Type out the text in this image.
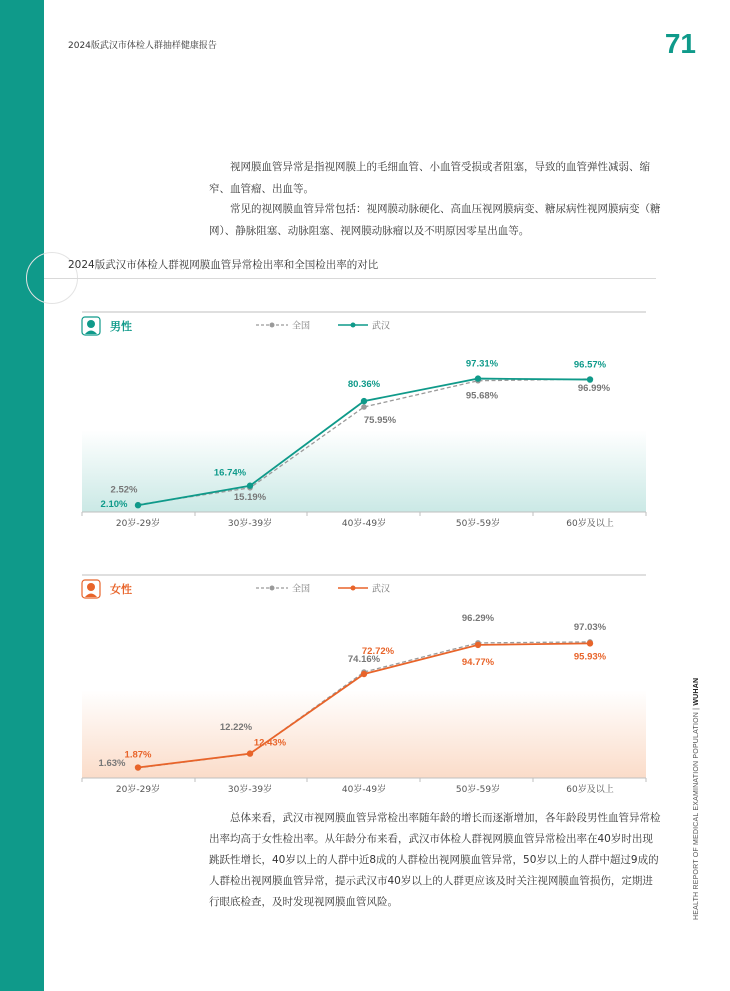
2024版武汉市体检人群抽样健康报告	71

视网膜血管异常是指视网膜上的毛细血管、小血管受损或者阻塞，导致的血管弹性减弱、缩窄、血管瘤、出血等。

常见的视网膜血管异常包括：视网膜动脉硬化、高血压视网膜病变、糖尿病性视网膜病变（糖网）、静脉阻塞、动脉阻塞、视网膜动脉瘤以及不明原因零星出血等。

2024版武汉市体检人群视网膜血管异常检出率和全国检出率的对比
20岁-29岁	30岁-39岁	40岁-49岁	50岁-59岁	60岁及以上
男性	全国	武汉
2.52%
15.19%
75.95%
95.68%
96.99%
2.10%
16.74%
80.36%
97.31%	96.57%
20岁-29岁	30岁-39岁	40岁-49岁	50岁-59岁	60岁及以上
女性	全国	武汉
1.63%
12.22%
74.16%
96.29%
97.03%
1.87%
12.43%
72.72%
94.77%
95.93%

总体来看，武汉市视网膜血管异常检出率随年龄的增长而逐渐增加，各年龄段男性血管异常检出率均高于女性检出率。从年龄分布来看，武汉市体检人群视网膜血管异常检出率在40岁时出现跳跃性增长，40岁以上的人群中近8成的人群检出视网膜血管异常，50岁以上的人群中超过9成的人群检出视网膜血管异常，提示武汉市40岁以上的人群更应该及时关注视网膜血管损伤，定期进行眼底检查，及时发现视网膜血管风险。	HEALTH REPORT OF MEDICAL EXAMINATION POPULATION | WUHAN
